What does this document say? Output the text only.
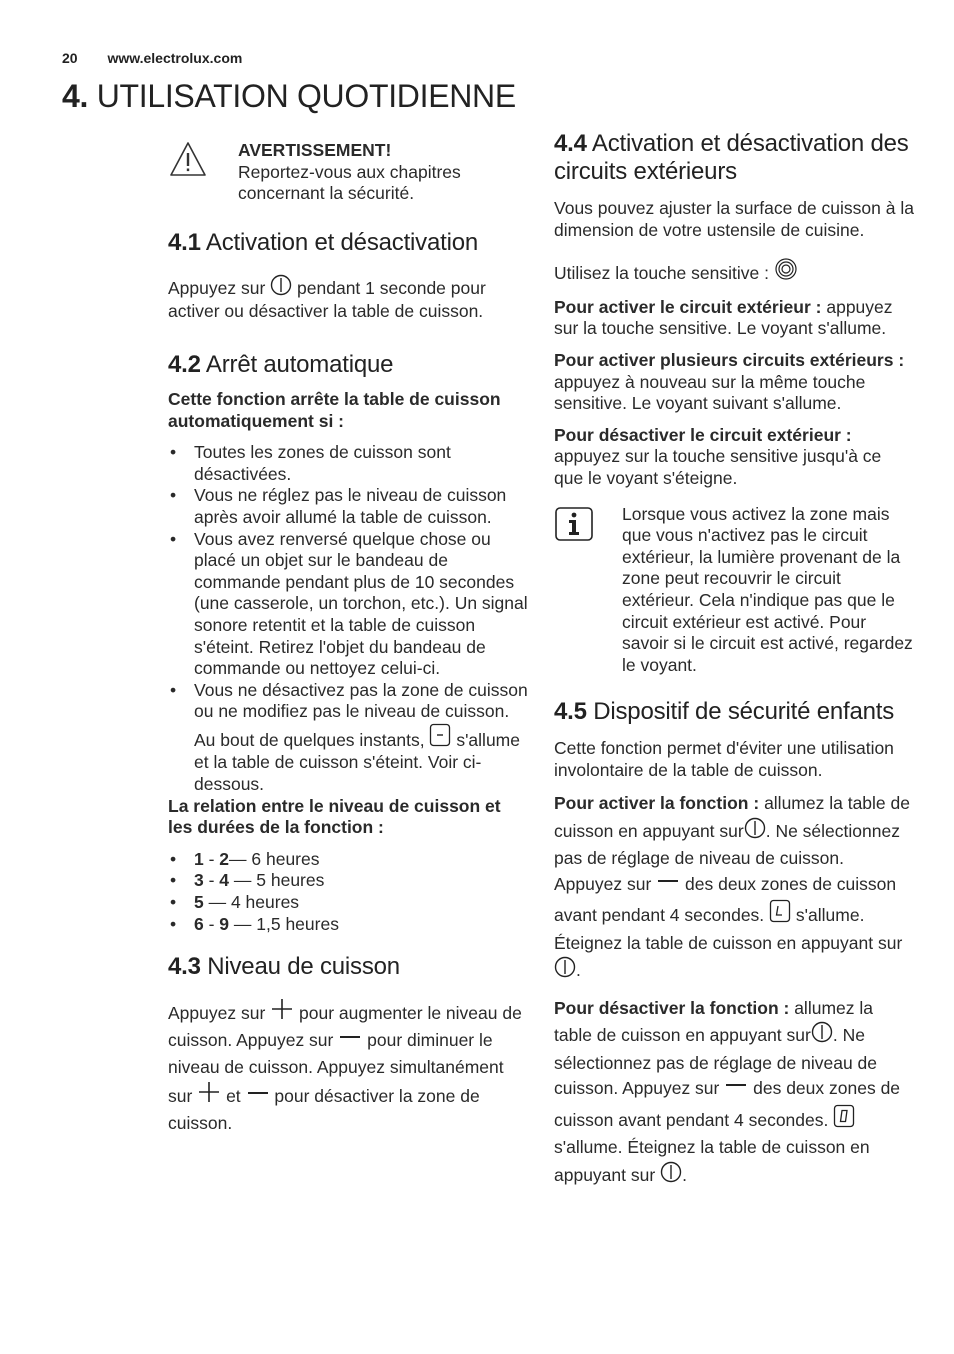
20 www.electrolux.com
4. UTILISATION QUOTIDIENNE

AVERTISSEMENT!

Reportez-vous aux chapitres concernant la sécurité.

4.1 Activation et désactivation

Appuyez sur pendant 1 seconde pour activer ou désactiver la table de cuisson.

4.2 Arrêt automatique

Cette fonction arrête la table de cuisson automatiquement si :

• Toutes les zones de cuisson sont désactivées.
• Vous ne réglez pas le niveau de cuisson après avoir allumé la table de cuisson.
• Vous avez renversé quelque chose ou placé un objet sur le bandeau de commande pendant plus de 10 secondes (une casserole, un torchon, etc.). Un signal sonore retentit et la table de cuisson s'éteint. Retirez l'objet du bandeau de commande ou nettoyez celui-ci.
• Vous ne désactivez pas la zone de cuisson ou ne modifiez pas le niveau de cuisson. Au bout de quelques instants, s'allume et la table de cuisson s'éteint. Voir ci-dessous.

La relation entre le niveau de cuisson et les durées de la fonction :

• 1 - 2— 6 heures
• 3 - 4 — 5 heures
• 5 — 4 heures
• 6 - 9 — 1,5 heures
4.3 Niveau de cuisson

Appuyez sur pour augmenter le niveau de cuisson. Appuyez sur pour diminuer le niveau de cuisson. Appuyez simultanément sur et pour désactiver la zone de cuisson.

4.4 Activation et désactivation des circuits extérieurs

Vous pouvez ajuster la surface de cuisson à la dimension de votre ustensile de cuisine.

Utilisez la touche sensitive :

Pour activer le circuit extérieur : appuyez sur la touche sensitive. Le voyant s'allume.

Pour activer plusieurs circuits extérieurs : appuyez à nouveau sur la même touche sensitive. Le voyant suivant s'allume.

Pour désactiver le circuit extérieur : appuyez sur la touche sensitive jusqu'à ce que le voyant s'éteigne.

Lorsque vous activez la zone mais que vous n'activez pas le circuit extérieur, la lumière provenant de la zone peut recouvrir le circuit extérieur. Cela n'indique pas que le circuit extérieur est activé. Pour savoir si le circuit est activé, regardez le voyant.
4.5 Dispositif de sécurité enfants

Cette fonction permet d'éviter une utilisation involontaire de la table de cuisson.

Pour activer la fonction : allumez la table de cuisson en appuyant sur . Ne sélectionnez pas de réglage de niveau de cuisson. Appuyez sur des deux zones de cuisson avant pendant 4 secondes. s'allume. Éteignez la table de cuisson en appuyant sur .

Pour désactiver la fonction : allumez la table de cuisson en appuyant sur . Ne sélectionnez pas de réglage de niveau de cuisson. Appuyez sur des deux zones de cuisson avant pendant 4 secondes.  s'allume. Éteignez la table de cuisson en appuyant sur .
